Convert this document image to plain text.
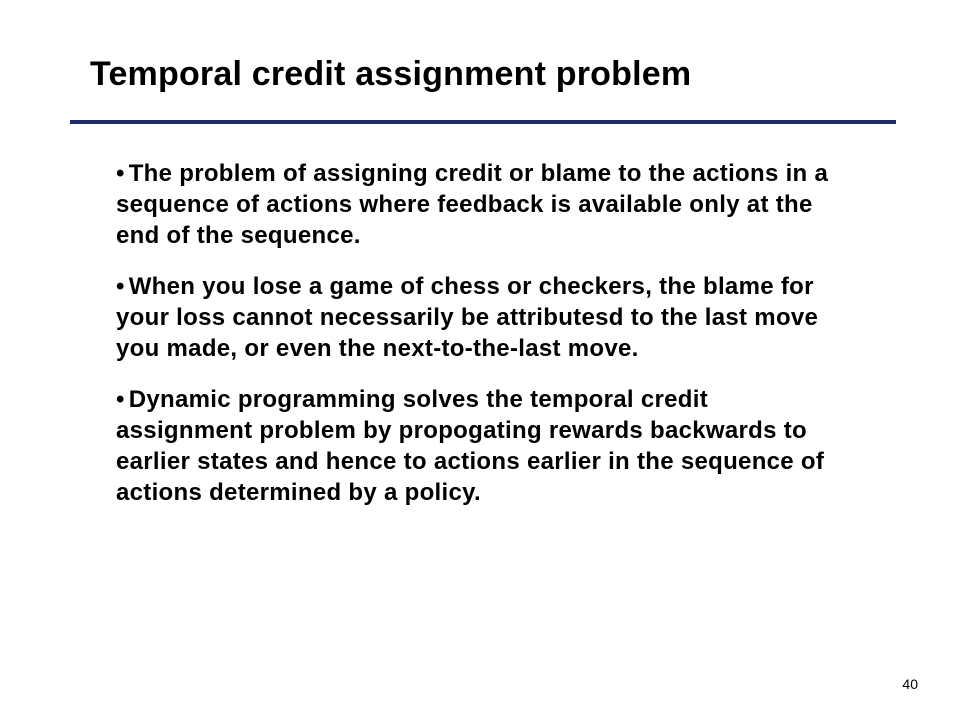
Temporal credit assignment problem
• The problem of assigning credit or blame to the actions in a sequence of actions where feedback is available only at the end of the sequence.
• When you lose a game of chess or checkers, the blame for your loss cannot necessarily be attributesd to the last move you made, or even the next-to-the-last move.
• Dynamic programming solves the temporal credit assignment problem by propogating rewards backwards to earlier states and hence to actions earlier in the sequence of actions determined by a policy.
40
